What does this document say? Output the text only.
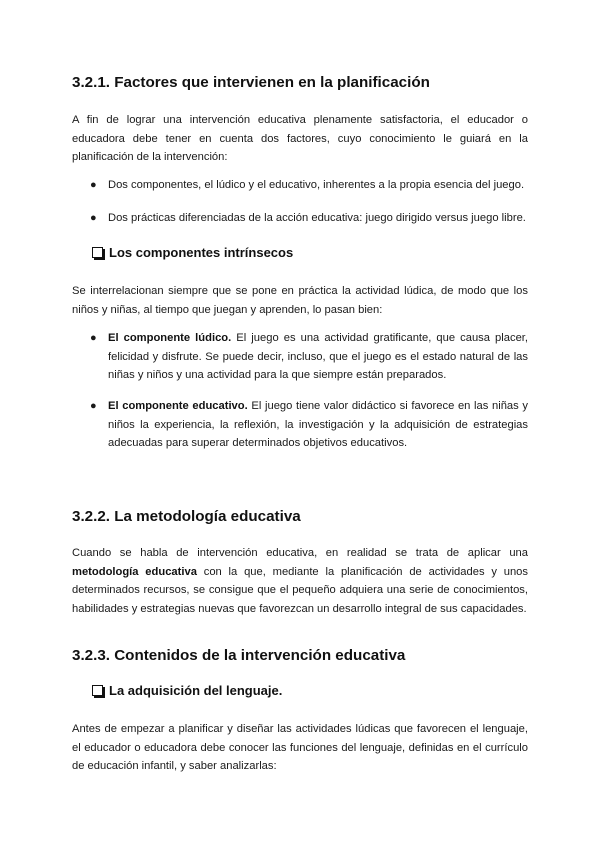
3.2.1. Factores que intervienen en la planificación

A fin de lograr una intervención educativa plenamente satisfactoria, el educador o educadora debe tener en cuenta dos factores, cuyo conocimiento le guiará en la planificación de la intervención:

● Dos componentes, el lúdico y el educativo, inherentes a la propia esencia del juego.
● Dos prácticas diferenciadas de la acción educativa: juego dirigido versus juego libre.
Los componentes intrínsecos

Se interrelacionan siempre que se pone en práctica la actividad lúdica, de modo que los niños y niñas, al tiempo que juegan y aprenden, lo pasan bien:

● El componente lúdico. El juego es una actividad gratificante, que causa placer, felicidad y disfrute. Se puede decir, incluso, que el juego es el estado natural de las niñas y niños y una actividad para la que siempre están preparados.
● El componente educativo. El juego tiene valor didáctico si favorece en las niñas y niños la experiencia, la reflexión, la investigación y la adquisición de estrategias adecuadas para superar determinados objetivos educativos.
3.2.2. La metodología educativa

Cuando se habla de intervención educativa, en realidad se trata de aplicar una metodología educativa con la que, mediante la planificación de actividades y unos determinados recursos, se consigue que el pequeño adquiera una serie de conocimientos, habilidades y estrategias nuevas que favorezcan un desarrollo integral de sus capacidades.

3.2.3. Contenidos de la intervención educativa
La adquisición del lenguaje.

Antes de empezar a planificar y diseñar las actividades lúdicas que favorecen el lenguaje, el educador o educadora debe conocer las funciones del lenguaje, definidas en el currículo de educación infantil, y saber analizarlas:
